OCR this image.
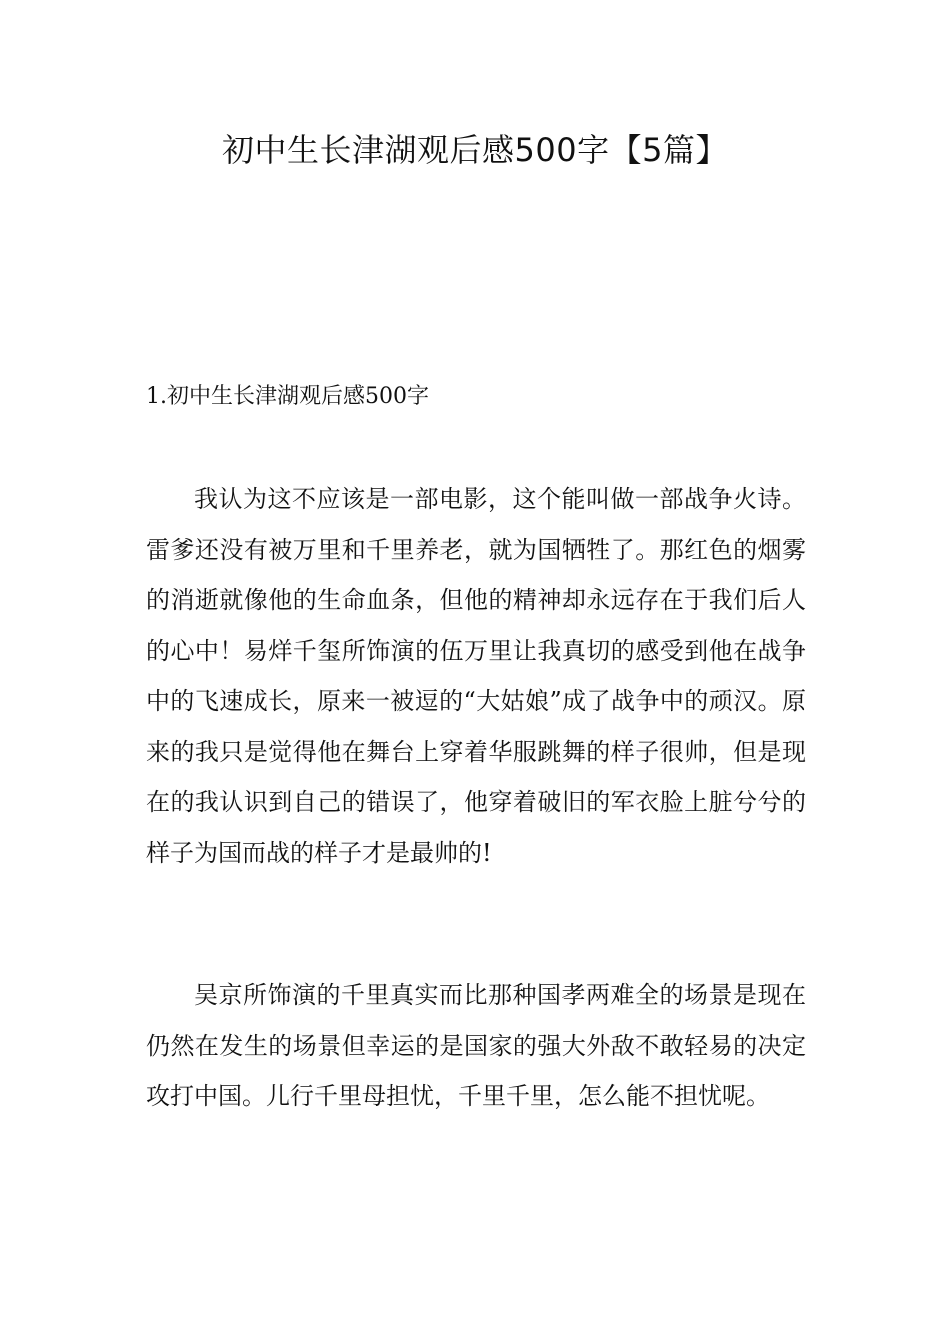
初中生长津湖观后感500字【5篇】
1.初中生长津湖观后感500字

我认为这不应该是一部电影，这个能叫做一部战争火诗。雷爹还没有被万里和千里养老，就为国牺牲了。那红色的烟雾的消逝就像他的生命血条，但他的精神却永远存在于我们后人的心中！易烊千玺所饰演的伍万里让我真切的感受到他在战争中的飞速成长，原来一被逗的“大姑娘”成了战争中的顽汉。原来的我只是觉得他在舞台上穿着华服跳舞的样子很帅，但是现在的我认识到自己的错误了，他穿着破旧的军衣脸上脏兮兮的样子为国而战的样子才是最帅的!

吴京所饰演的千里真实而比那种国孝两难全的场景是现在仍然在发生的场景但幸运的是国家的强大外敌不敢轻易的决定攻打中国。儿行千里母担忧，千里千里，怎么能不担忧呢。
